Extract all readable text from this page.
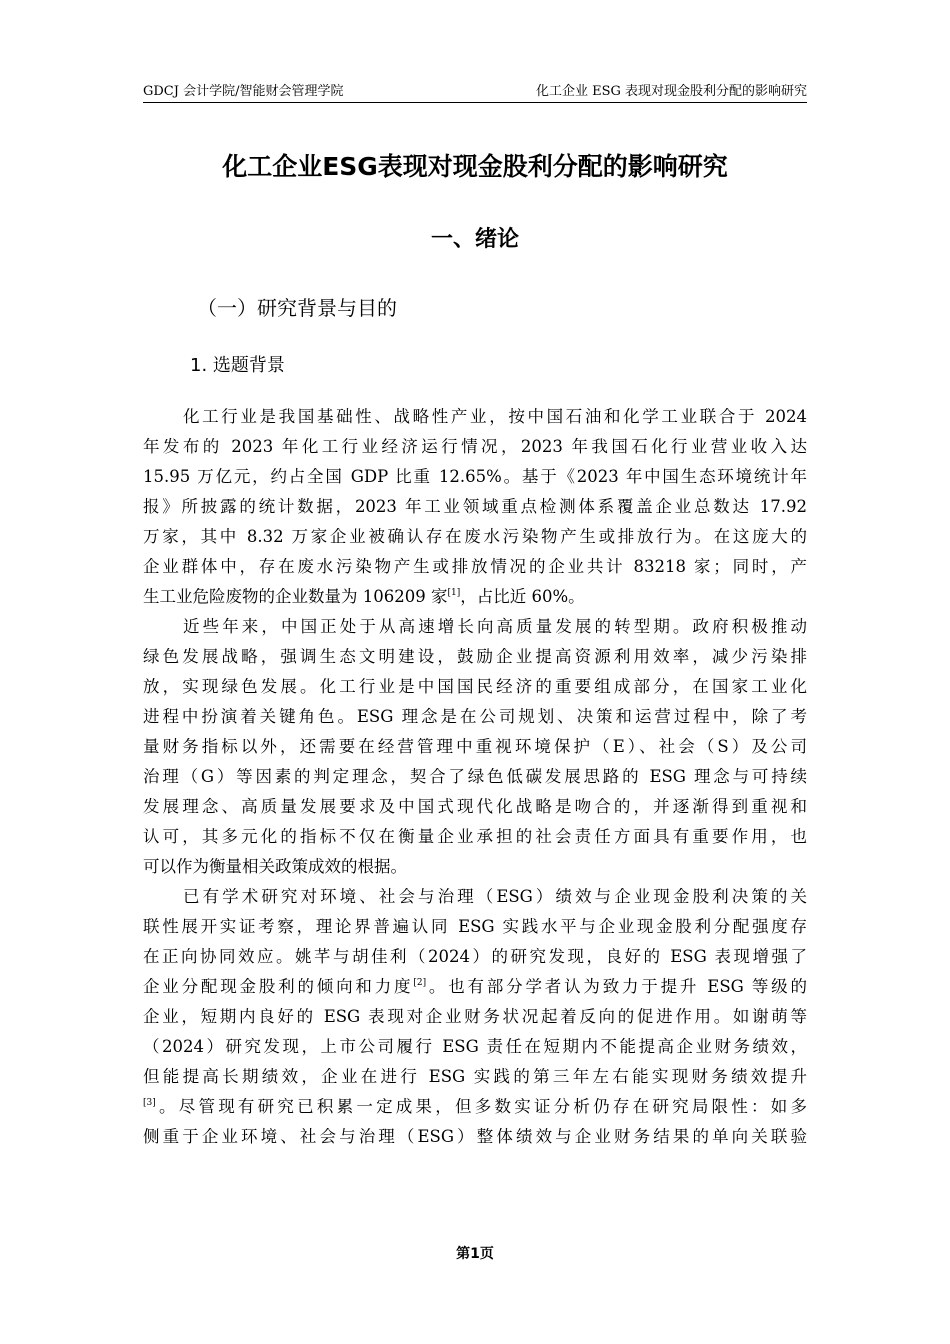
GDCJ 会计学院/智能财会管理学院	化工企业 ESG 表现对现金股利分配的影响研究
化工企业ESG表现对现金股利分配的影响研究
一、绪论
（一）研究背景与目的
1. 选题背景
化工行业是我国基础性、战略性产业，按中国石油和化学工业联合于 2024
年发布的 2023 年化工行业经济运行情况，2023 年我国石化行业营业收入达
15.95 万亿元，约占全国 GDP 比重 12.65%。基于《2023 年中国生态环境统计年
报》所披露的统计数据，2023 年工业领域重点检测体系覆盖企业总数达 17.92
万家，其中 8.32 万家企业被确认存在废水污染物产生或排放行为。在这庞大的
企业群体中，存在废水污染物产生或排放情况的企业共计 83218 家；同时，产
生工业危险废物的企业数量为 106209 家[1]，占比近 60%。
近些年来，中国正处于从高速增长向高质量发展的转型期。政府积极推动
绿色发展战略，强调生态文明建设，鼓励企业提高资源利用效率，减少污染排
放，实现绿色发展。化工行业是中国国民经济的重要组成部分，在国家工业化
进程中扮演着关键角色。ESG 理念是在公司规划、决策和运营过程中，除了考
量财务指标以外，还需要在经营管理中重视环境保护（E）、社会（S）及公司
治理（G）等因素的判定理念，契合了绿色低碳发展思路的 ESG 理念与可持续
发展理念、高质量发展要求及中国式现代化战略是吻合的，并逐渐得到重视和
认可，其多元化的指标不仅在衡量企业承担的社会责任方面具有重要作用，也
可以作为衡量相关政策成效的根据。
已有学术研究对环境、社会与治理（ESG）绩效与企业现金股利决策的关
联性展开实证考察，理论界普遍认同 ESG 实践水平与企业现金股利分配强度存
在正向协同效应。姚芊与胡佳利（2024）的研究发现，良好的 ESG 表现增强了
企业分配现金股利的倾向和力度[2]。也有部分学者认为致力于提升 ESG 等级的
企业，短期内良好的 ESG 表现对企业财务状况起着反向的促进作用。如谢萌等
（2024）研究发现，上市公司履行 ESG 责任在短期内不能提高企业财务绩效，
但能提高长期绩效，企业在进行 ESG 实践的第三年左右能实现财务绩效提升
[3]。尽管现有研究已积累一定成果，但多数实证分析仍存在研究局限性：如多
侧重于企业环境、社会与治理（ESG）整体绩效与企业财务结果的单向关联验
第1页
